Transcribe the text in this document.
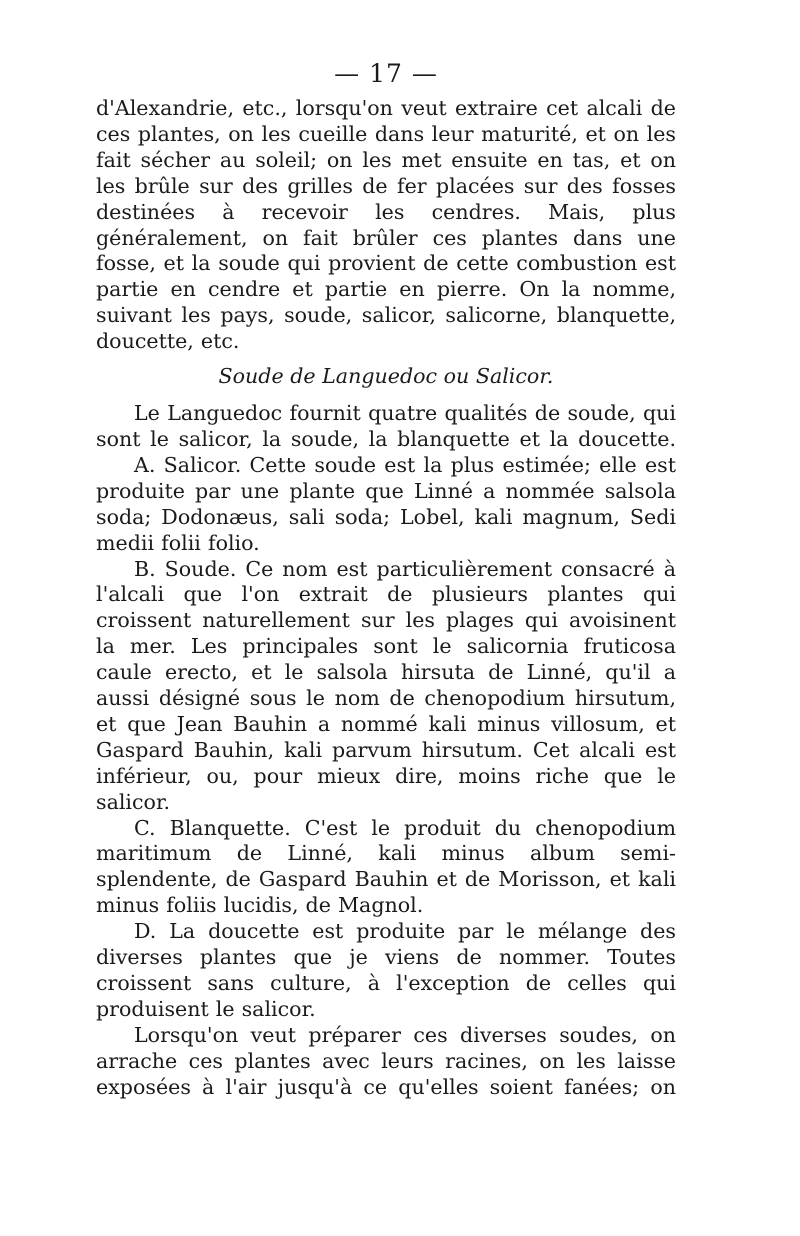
— 17 —

d'Alexandrie, etc., lorsqu'on veut extraire cet alcali de ces plantes, on les cueille dans leur maturité, et on les fait sécher au soleil; on les met ensuite en tas, et on les brûle sur des grilles de fer placées sur des fosses destinées à recevoir les cendres. Mais, plus généralement, on fait brûler ces plantes dans une fosse, et la soude qui provient de cette combustion est partie en cendre et partie en pierre. On la nomme, suivant les pays, soude, salicor, salicorne, blanquette, doucette, etc.

Soude de Languedoc ou Salicor.

Le Languedoc fournit quatre qualités de soude, qui sont le salicor, la soude, la blanquette et la doucette.

A. Salicor. Cette soude est la plus estimée; elle est produite par une plante que Linné a nommée salsola soda; Dodonæus, sali soda; Lobel, kali magnum, Sedi medii folii folio.

B. Soude. Ce nom est particulièrement consacré à l'alcali que l'on extrait de plusieurs plantes qui croissent naturellement sur les plages qui avoisinent la mer. Les principales sont le salicornia fruticosa caule erecto, et le salsola hirsuta de Linné, qu'il a aussi désigné sous le nom de chenopodium hirsutum, et que Jean Bauhin a nommé kali minus villosum, et Gaspard Bauhin, kali parvum hirsutum. Cet alcali est inférieur, ou, pour mieux dire, moins riche que le salicor.

C. Blanquette. C'est le produit du chenopodium maritimum de Linné, kali minus album semi-splendente, de Gaspard Bauhin et de Morisson, et kali minus foliis lucidis, de Magnol.

D. La doucette est produite par le mélange des diverses plantes que je viens de nommer. Toutes croissent sans culture, à l'exception de celles qui produisent le salicor.

Lorsqu'on veut préparer ces diverses soudes, on arrache ces plantes avec leurs racines, on les laisse exposées à l'air jusqu'à ce qu'elles soient fanées; on
